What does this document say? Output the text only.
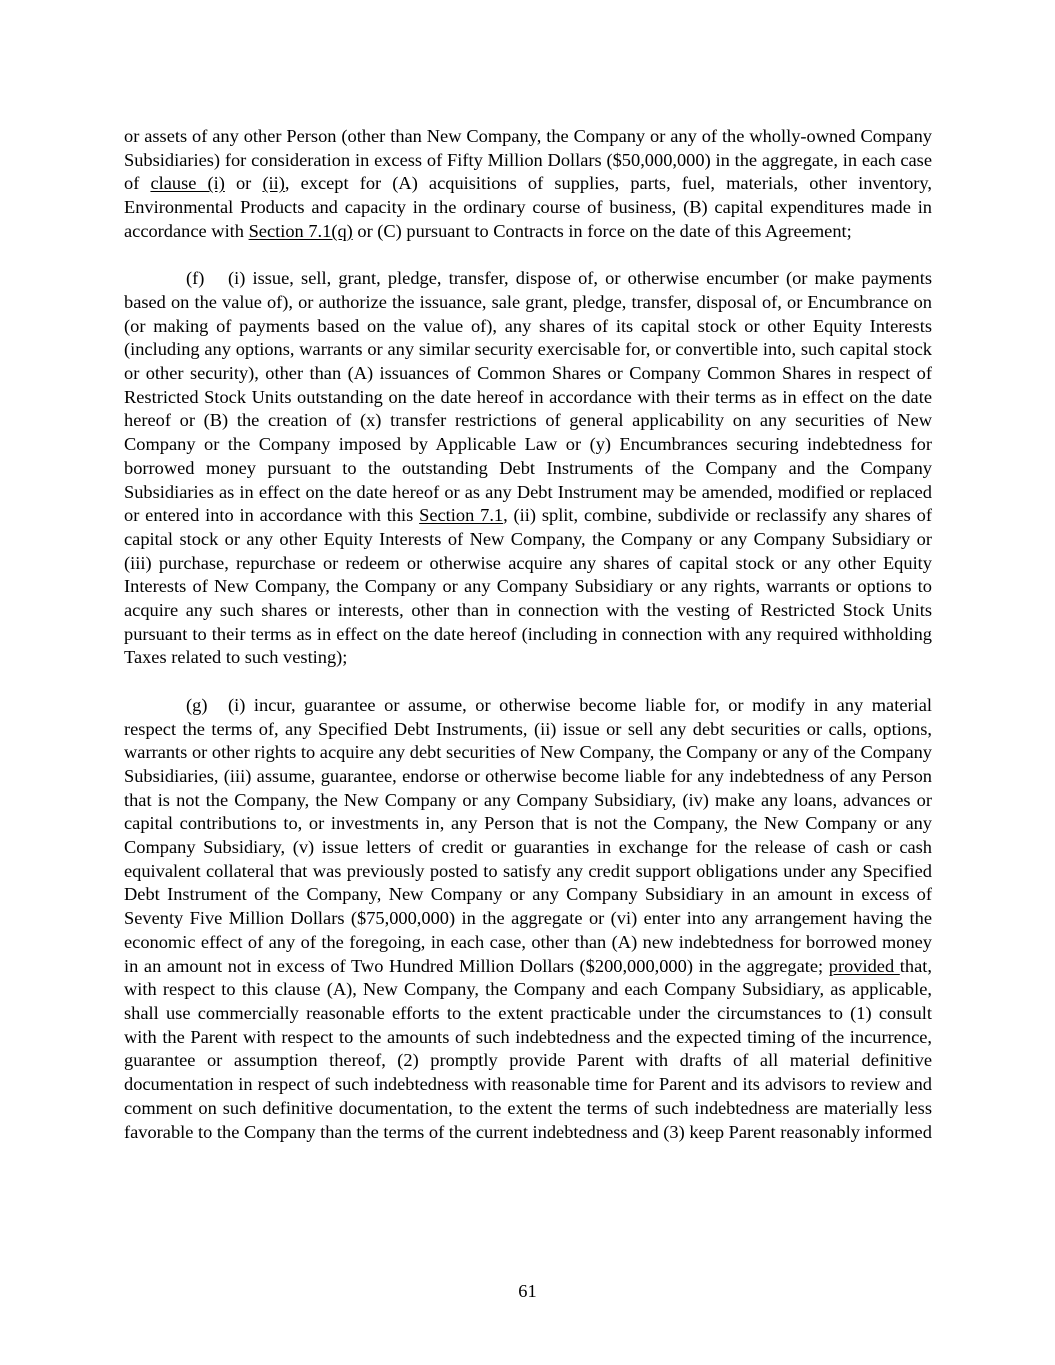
or assets of any other Person (other than New Company, the Company or any of the wholly-owned Company Subsidiaries) for consideration in excess of Fifty Million Dollars ($50,000,000) in the aggregate, in each case of clause (i) or (ii), except for (A) acquisitions of supplies, parts, fuel, materials, other inventory, Environmental Products and capacity in the ordinary course of business, (B) capital expenditures made in accordance with Section 7.1(q) or (C) pursuant to Contracts in force on the date of this Agreement;

(f) (i) issue, sell, grant, pledge, transfer, dispose of, or otherwise encumber (or make payments based on the value of), or authorize the issuance, sale grant, pledge, transfer, disposal of, or Encumbrance on (or making of payments based on the value of), any shares of its capital stock or other Equity Interests (including any options, warrants or any similar security exercisable for, or convertible into, such capital stock or other security), other than (A) issuances of Common Shares or Company Common Shares in respect of Restricted Stock Units outstanding on the date hereof in accordance with their terms as in effect on the date hereof or (B) the creation of (x) transfer restrictions of general applicability on any securities of New Company or the Company imposed by Applicable Law or (y) Encumbrances securing indebtedness for borrowed money pursuant to the outstanding Debt Instruments of the Company and the Company Subsidiaries as in effect on the date hereof or as any Debt Instrument may be amended, modified or replaced or entered into in accordance with this Section 7.1, (ii) split, combine, subdivide or reclassify any shares of capital stock or any other Equity Interests of New Company, the Company or any Company Subsidiary or (iii) purchase, repurchase or redeem or otherwise acquire any shares of capital stock or any other Equity Interests of New Company, the Company or any Company Subsidiary or any rights, warrants or options to acquire any such shares or interests, other than in connection with the vesting of Restricted Stock Units pursuant to their terms as in effect on the date hereof (including in connection with any required withholding Taxes related to such vesting);

(g) (i) incur, guarantee or assume, or otherwise become liable for, or modify in any material respect the terms of, any Specified Debt Instruments, (ii) issue or sell any debt securities or calls, options, warrants or other rights to acquire any debt securities of New Company, the Company or any of the Company Subsidiaries, (iii) assume, guarantee, endorse or otherwise become liable for any indebtedness of any Person that is not the Company, the New Company or any Company Subsidiary, (iv) make any loans, advances or capital contributions to, or investments in, any Person that is not the Company, the New Company or any Company Subsidiary, (v) issue letters of credit or guaranties in exchange for the release of cash or cash equivalent collateral that was previously posted to satisfy any credit support obligations under any Specified Debt Instrument of the Company, New Company or any Company Subsidiary in an amount in excess of Seventy Five Million Dollars ($75,000,000) in the aggregate or (vi) enter into any arrangement having the economic effect of any of the foregoing, in each case, other than (A) new indebtedness for borrowed money in an amount not in excess of Two Hundred Million Dollars ($200,000,000) in the aggregate; provided that, with respect to this clause (A), New Company, the Company and each Company Subsidiary, as applicable, shall use commercially reasonable efforts to the extent practicable under the circumstances to (1) consult with the Parent with respect to the amounts of such indebtedness and the expected timing of the incurrence, guarantee or assumption thereof, (2) promptly provide Parent with drafts of all material definitive documentation in respect of such indebtedness with reasonable time for Parent and its advisors to review and comment on such definitive documentation, to the extent the terms of such indebtedness are materially less favorable to the Company than the terms of the current indebtedness and (3) keep Parent reasonably informed

61
